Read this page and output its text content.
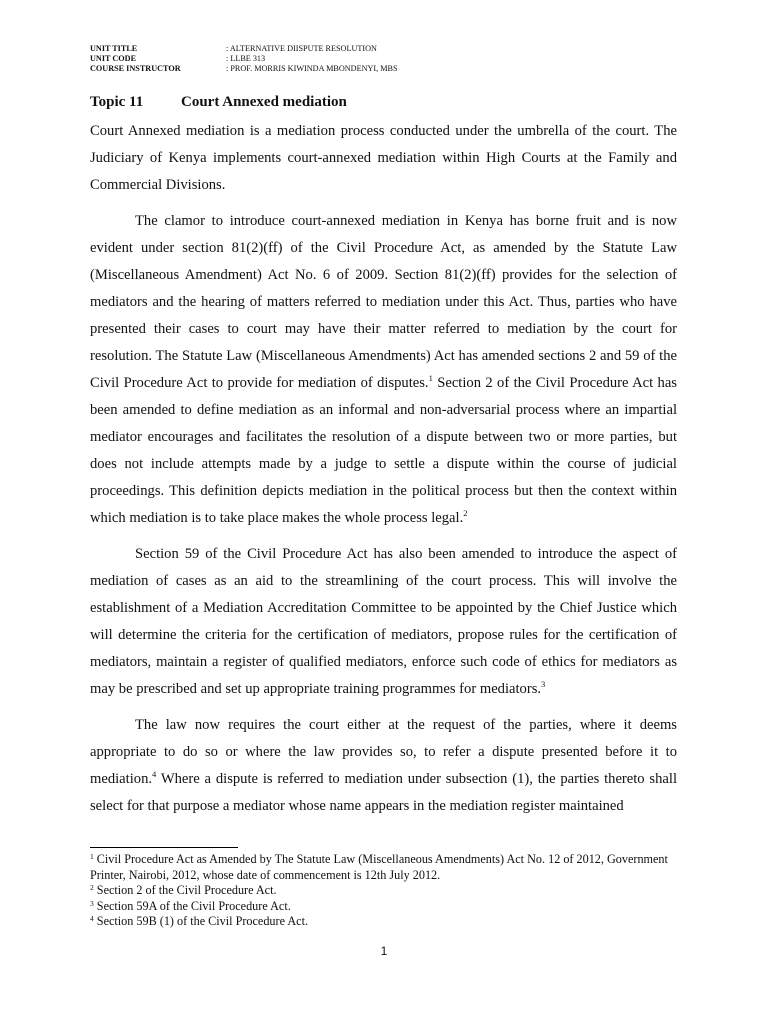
UNIT TITLE	: ALTERNATIVE DIISPUTE RESOLUTION
UNIT CODE	: LLBE 313
COURSE INSTRUCTOR	: PROF. MORRIS KIWINDA MBONDENYI, MBS
Topic 11	Court Annexed mediation

Court Annexed mediation is a mediation process conducted under the umbrella of the court. The Judiciary of Kenya implements court-annexed mediation within High Courts at the Family and Commercial Divisions.

The clamor to introduce court-annexed mediation in Kenya has borne fruit and is now evident under section 81(2)(ff) of the Civil Procedure Act, as amended by the Statute Law (Miscellaneous Amendment) Act No. 6 of 2009. Section 81(2)(ff) provides for the selection of mediators and the hearing of matters referred to mediation under this Act. Thus, parties who have presented their cases to court may have their matter referred to mediation by the court for resolution. The Statute Law (Miscellaneous Amendments) Act has amended sections 2 and 59 of the Civil Procedure Act to provide for mediation of disputes.$^1$ Section 2 of the Civil Procedure Act has been amended to define mediation as an informal and non-adversarial process where an impartial mediator encourages and facilitates the resolution of a dispute between two or more parties, but does not include attempts made by a judge to settle a dispute within the course of judicial proceedings. This definition depicts mediation in the political process but then the context within which mediation is to take place makes the whole process legal.$^2$

Section 59 of the Civil Procedure Act has also been amended to introduce the aspect of mediation of cases as an aid to the streamlining of the court process. This will involve the establishment of a Mediation Accreditation Committee to be appointed by the Chief Justice which will determine the criteria for the certification of mediators, propose rules for the certification of mediators, maintain a register of qualified mediators, enforce such code of ethics for mediators as may be prescribed and set up appropriate training programmes for mediators.$^3$

The law now requires the court either at the request of the parties, where it deems appropriate to do so or where the law provides so, to refer a dispute presented before it to mediation.$^4$ Where a dispute is referred to mediation under subsection (1), the parties thereto shall select for that purpose a mediator whose name appears in the mediation register maintained

$^1$ Civil Procedure Act as Amended by The Statute Law (Miscellaneous Amendments) Act No. 12 of 2012, Government Printer, Nairobi, 2012, whose date of commencement is 12th July 2012.
$^2$ Section 2 of the Civil Procedure Act.
$^3$ Section 59A of the Civil Procedure Act.
$^4$ Section 59B (1) of the Civil Procedure Act.
1
